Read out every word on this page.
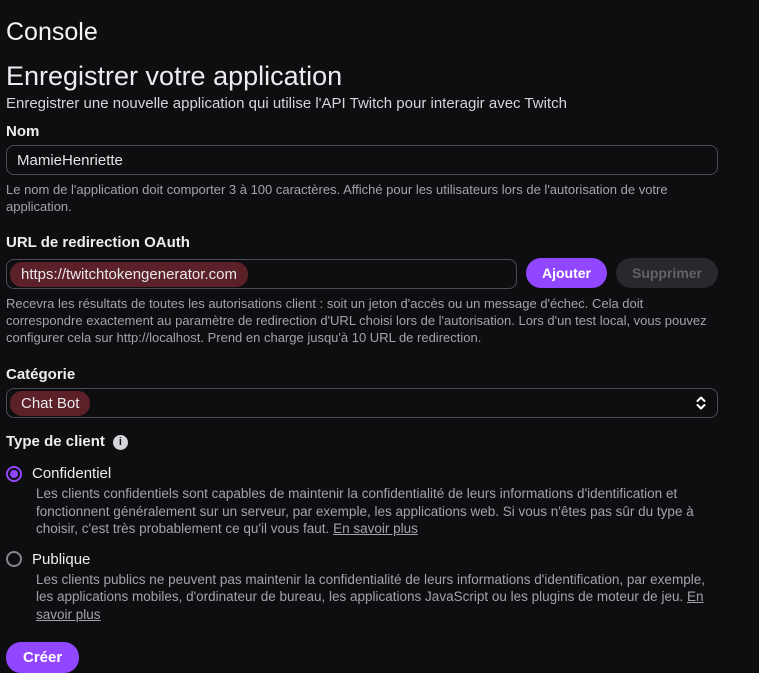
Console
Enregistrer votre application

Enregistrer une nouvelle application qui utilise l'API Twitch pour interagir avec Twitch

Nom
MamieHenriette

Le nom de l'application doit comporter 3 à 100 caractères. Affiché pour les utilisateurs lors de l'autorisation de votre application.

URL de redirection OAuth
https://twitchtokengenerator.com	Ajouter	Supprimer

Recevra les résultats de toutes les autorisations client : soit un jeton d'accès ou un message d'échec. Cela doit correspondre exactement au paramètre de redirection d'URL choisi lors de l'autorisation. Lors d'un test local, vous pouvez configurer cela sur http://localhost. Prend en charge jusqu'à 10 URL de redirection.

Catégorie
Chat Bot
Type de client	i
Confidentiel

Les clients confidentiels sont capables de maintenir la confidentialité de leurs informations d'identification et fonctionnent généralement sur un serveur, par exemple, les applications web. Si vous n'êtes pas sûr du type à choisir, c'est très probablement ce qu'il vous faut. En savoir plus

Publique

Les clients publics ne peuvent pas maintenir la confidentialité de leurs informations d'identification, par exemple, les applications mobiles, d'ordinateur de bureau, les applications JavaScript ou les plugins de moteur de jeu. En savoir plus

Créer
